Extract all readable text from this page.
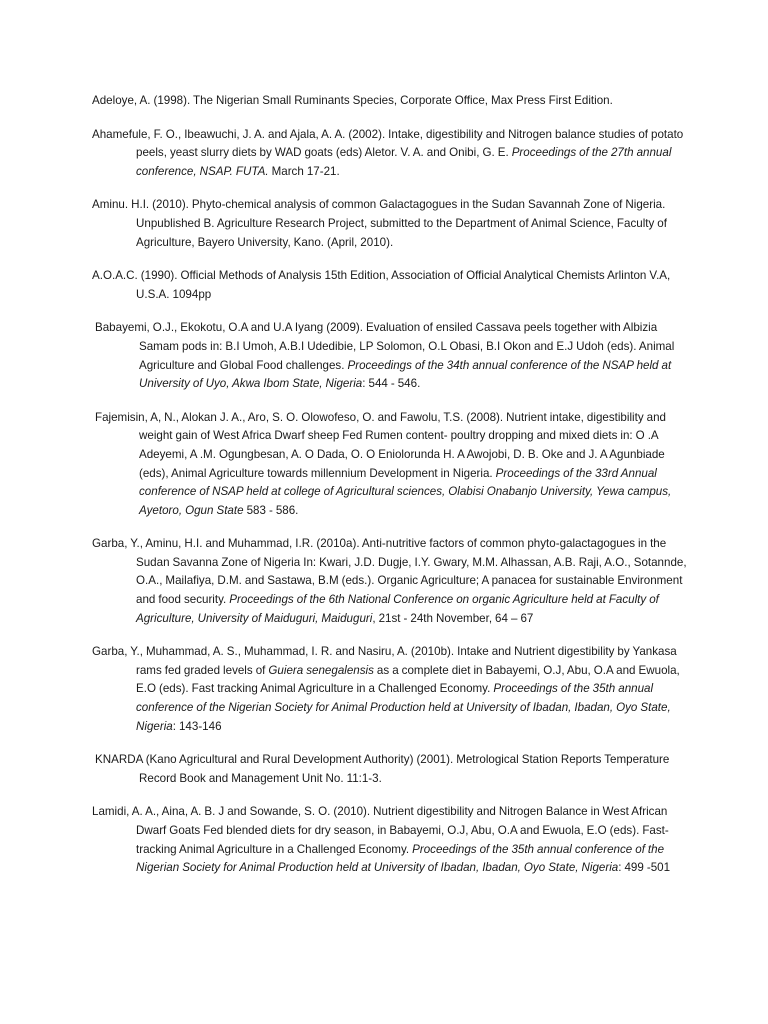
Adeloye, A. (1998). The Nigerian Small Ruminants Species, Corporate Office, Max Press First Edition.

Ahamefule, F. O., Ibeawuchi, J. A. and Ajala, A. A. (2002). Intake, digestibility and Nitrogen balance studies of potato peels, yeast slurry diets by WAD goats (eds) Aletor. V. A. and Onibi, G. E. Proceedings of the 27th annual conference, NSAP. FUTA. March 17-21.

Aminu. H.I. (2010). Phyto-chemical analysis of common Galactagogues in the Sudan Savannah Zone of Nigeria. Unpublished B. Agriculture Research Project, submitted to the Department of Animal Science, Faculty of Agriculture, Bayero University, Kano. (April, 2010).

A.O.A.C. (1990). Official Methods of Analysis 15th Edition, Association of Official Analytical Chemists Arlinton V.A, U.S.A. 1094pp

Babayemi, O.J., Ekokotu, O.A and U.A Iyang (2009). Evaluation of ensiled Cassava peels together with Albizia Samam pods in: B.I Umoh, A.B.I Udedibie, LP Solomon, O.L Obasi, B.I Okon and E.J Udoh (eds). Animal Agriculture and Global Food challenges. Proceedings of the 34th annual conference of the NSAP held at University of Uyo, Akwa Ibom State, Nigeria: 544 - 546.

Fajemisin, A, N., Alokan J. A., Aro, S. O. Olowofeso, O. and Fawolu, T.S. (2008). Nutrient intake, digestibility and weight gain of West Africa Dwarf sheep Fed Rumen content- poultry dropping and mixed diets in: O .A Adeyemi, A .M. Ogungbesan, A. O Dada, O. O Eniolorunda H. A Awojobi, D. B. Oke and J. A Agunbiade (eds), Animal Agriculture towards millennium Development in Nigeria. Proceedings of the 33rd Annual conference of NSAP held at college of Agricultural sciences, Olabisi Onabanjo University, Yewa campus, Ayetoro, Ogun State 583 - 586.

Garba, Y., Aminu, H.I. and Muhammad, I.R. (2010a). Anti-nutritive factors of common phyto-galactagogues in the Sudan Savanna Zone of Nigeria In: Kwari, J.D. Dugje, I.Y. Gwary, M.M. Alhassan, A.B. Raji, A.O., Sotannde, O.A., Mailafiya, D.M. and Sastawa, B.M (eds.). Organic Agriculture; A panacea for sustainable Environment and food security. Proceedings of the 6th National Conference on organic Agriculture held at Faculty of Agriculture, University of Maiduguri, Maiduguri, 21st - 24th November, 64 – 67

Garba, Y., Muhammad, A. S., Muhammad, I. R. and Nasiru, A. (2010b). Intake and Nutrient digestibility by Yankasa rams fed graded levels of Guiera senegalensis as a complete diet in Babayemi, O.J, Abu, O.A and Ewuola, E.O (eds). Fast tracking Animal Agriculture in a Challenged Economy. Proceedings of the 35th annual conference of the Nigerian Society for Animal Production held at University of Ibadan, Ibadan, Oyo State, Nigeria: 143-146

KNARDA (Kano Agricultural and Rural Development Authority) (2001). Metrological Station Reports Temperature Record Book and Management Unit No. 11:1-3.

Lamidi, A. A., Aina, A. B. J and Sowande, S. O. (2010). Nutrient digestibility and Nitrogen Balance in West African Dwarf Goats Fed blended diets for dry season, in Babayemi, O.J, Abu, O.A and Ewuola, E.O (eds). Fast-tracking Animal Agriculture in a Challenged Economy. Proceedings of the 35th annual conference of the Nigerian Society for Animal Production held at University of Ibadan, Ibadan, Oyo State, Nigeria: 499 -501
